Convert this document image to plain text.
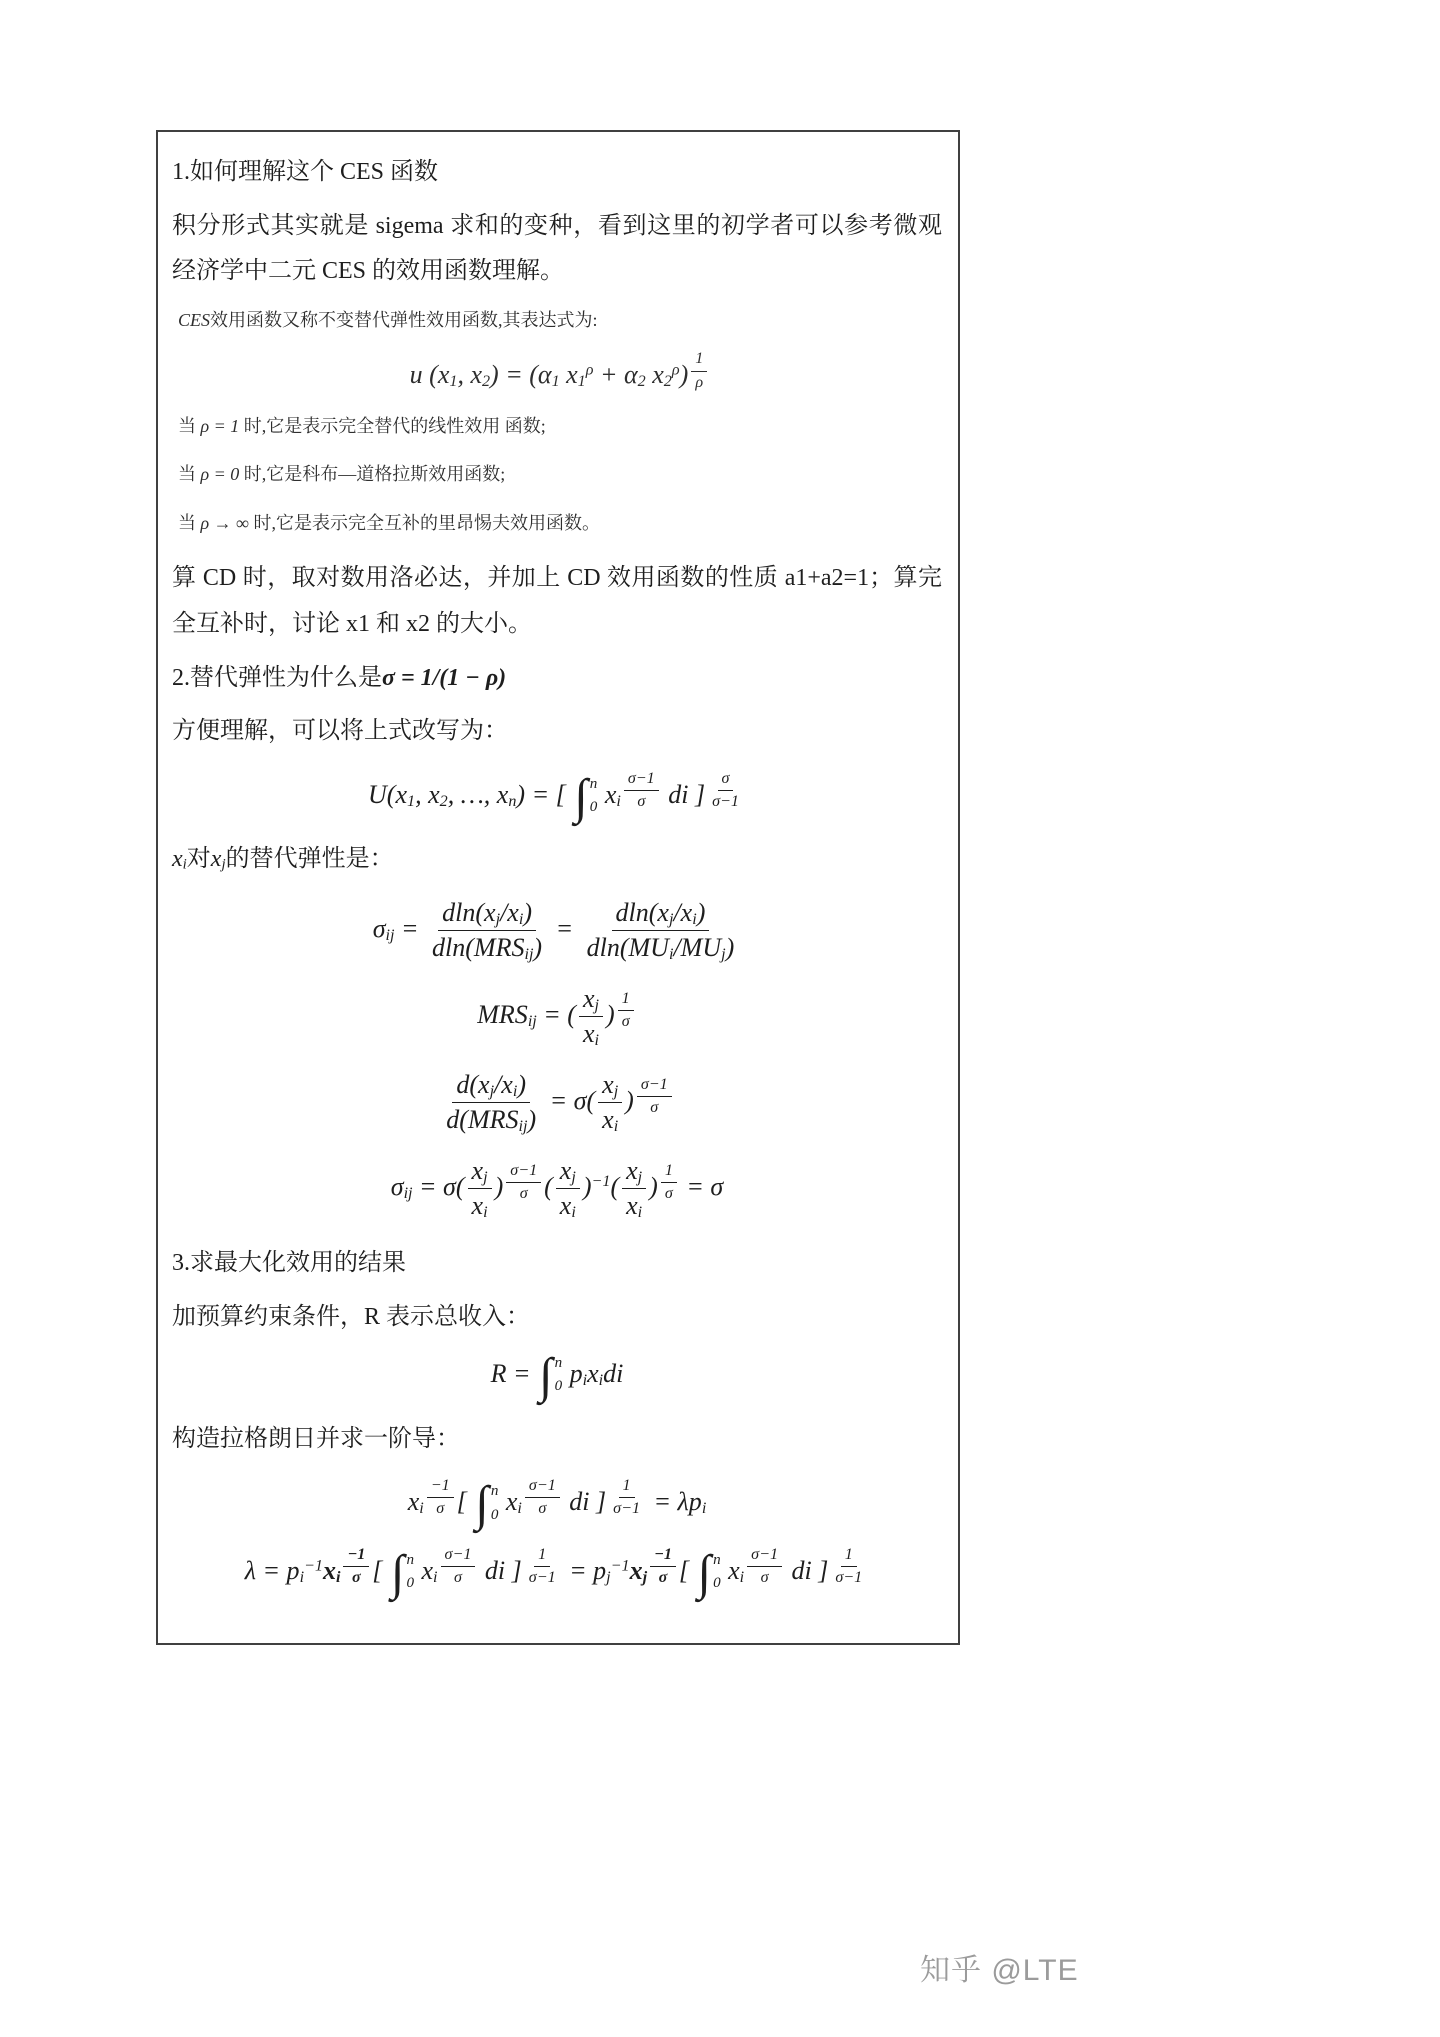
1.如何理解这个 CES 函数

积分形式其实就是 sigema 求和的变种，看到这里的初学者可以参考微观经济学中二元 CES 的效用函数理解。

CES效用函数又称不变替代弹性效用函数,其表达式为:

u ($x_1$, $x_2) = (\alpha_1$ $x_1^\rho + \alpha_2$ $x_2^\rho$) $^{\frac{1}{\rho}}$

当 ρ = 1 时,它是表示完全替代的线性效用 函数;

当 ρ = 0 时,它是科布—道格拉斯效用函数;

当 ρ → ∞ 时,它是表示完全互补的里昂惕夫效用函数。

算 CD 时，取对数用洛必达，并加上 CD 效用函数的性质 a1+a2=1；算完全互补时，讨论 x1 和 x2 的大小。

2.替代弹性为什么是σ = 1/(1 − ρ)

方便理解，可以将上式改写为：

$U(x_1$, $x_2$, …, $x_n$) = [ ∫ n
0 $x_i$ $^{\frac{\sigma-1}{\sigma}}$ di ] $^{\frac{\sigma}{\sigma-1}}$

$x_i$对$x_j$的替代弹性是：

$\sigma_{ij}$ =
$dln(x_j/x_i)$
$dln(MRS_{ij})$
=
$dln(x_j/x_i)$
$dln(MU_i/MU_j)$
$MRS_{ij}$ = ( $\frac{x_j}{x_i}$ ) $^{\frac{1}{\sigma}}$
$d(x_j/x_i)$
$d(MRS_{ij})$
= $\sigma( \frac{x_j}{x_i}$ ) $^{\frac{\sigma-1}{\sigma}}$
$\sigma_{ij} = \sigma( \frac{x_j}{x_i}$ ) $^{\frac{\sigma-1}{\sigma}}$ ( $\frac{x_j}{x_i} )^{-1}( \frac{x_j}{x_i}$ ) $^{\frac{1}{\sigma}}$ = σ

3.求最大化效用的结果

加预算约束条件，R 表示总收入：

R = ∫ n
0 $p_ix_idi$

构造拉格朗日并求一阶导：

$x_i$ $^{\frac{-1}{\sigma}}$ [ ∫ n
0 $x_i$ $^{\frac{\sigma-1}{\sigma}}$ di ] $^{\frac{1}{\sigma-1}} = \lambda p_i$
$\lambda = p_i^{-1}x_i$ $^{\frac{-1}{\sigma}}$ [ ∫ n
0 $x_i$ $^{\frac{\sigma-1}{\sigma}}$ di ] $^{\frac{1}{\sigma-1}} = p_j^{-1}x_j$ $^{\frac{-1}{\sigma}}$ [ ∫ n
0 $x_i$ $^{\frac{\sigma-1}{\sigma}}$ di ] $^{\frac{1}{\sigma-1}}$
知乎 @LTE
